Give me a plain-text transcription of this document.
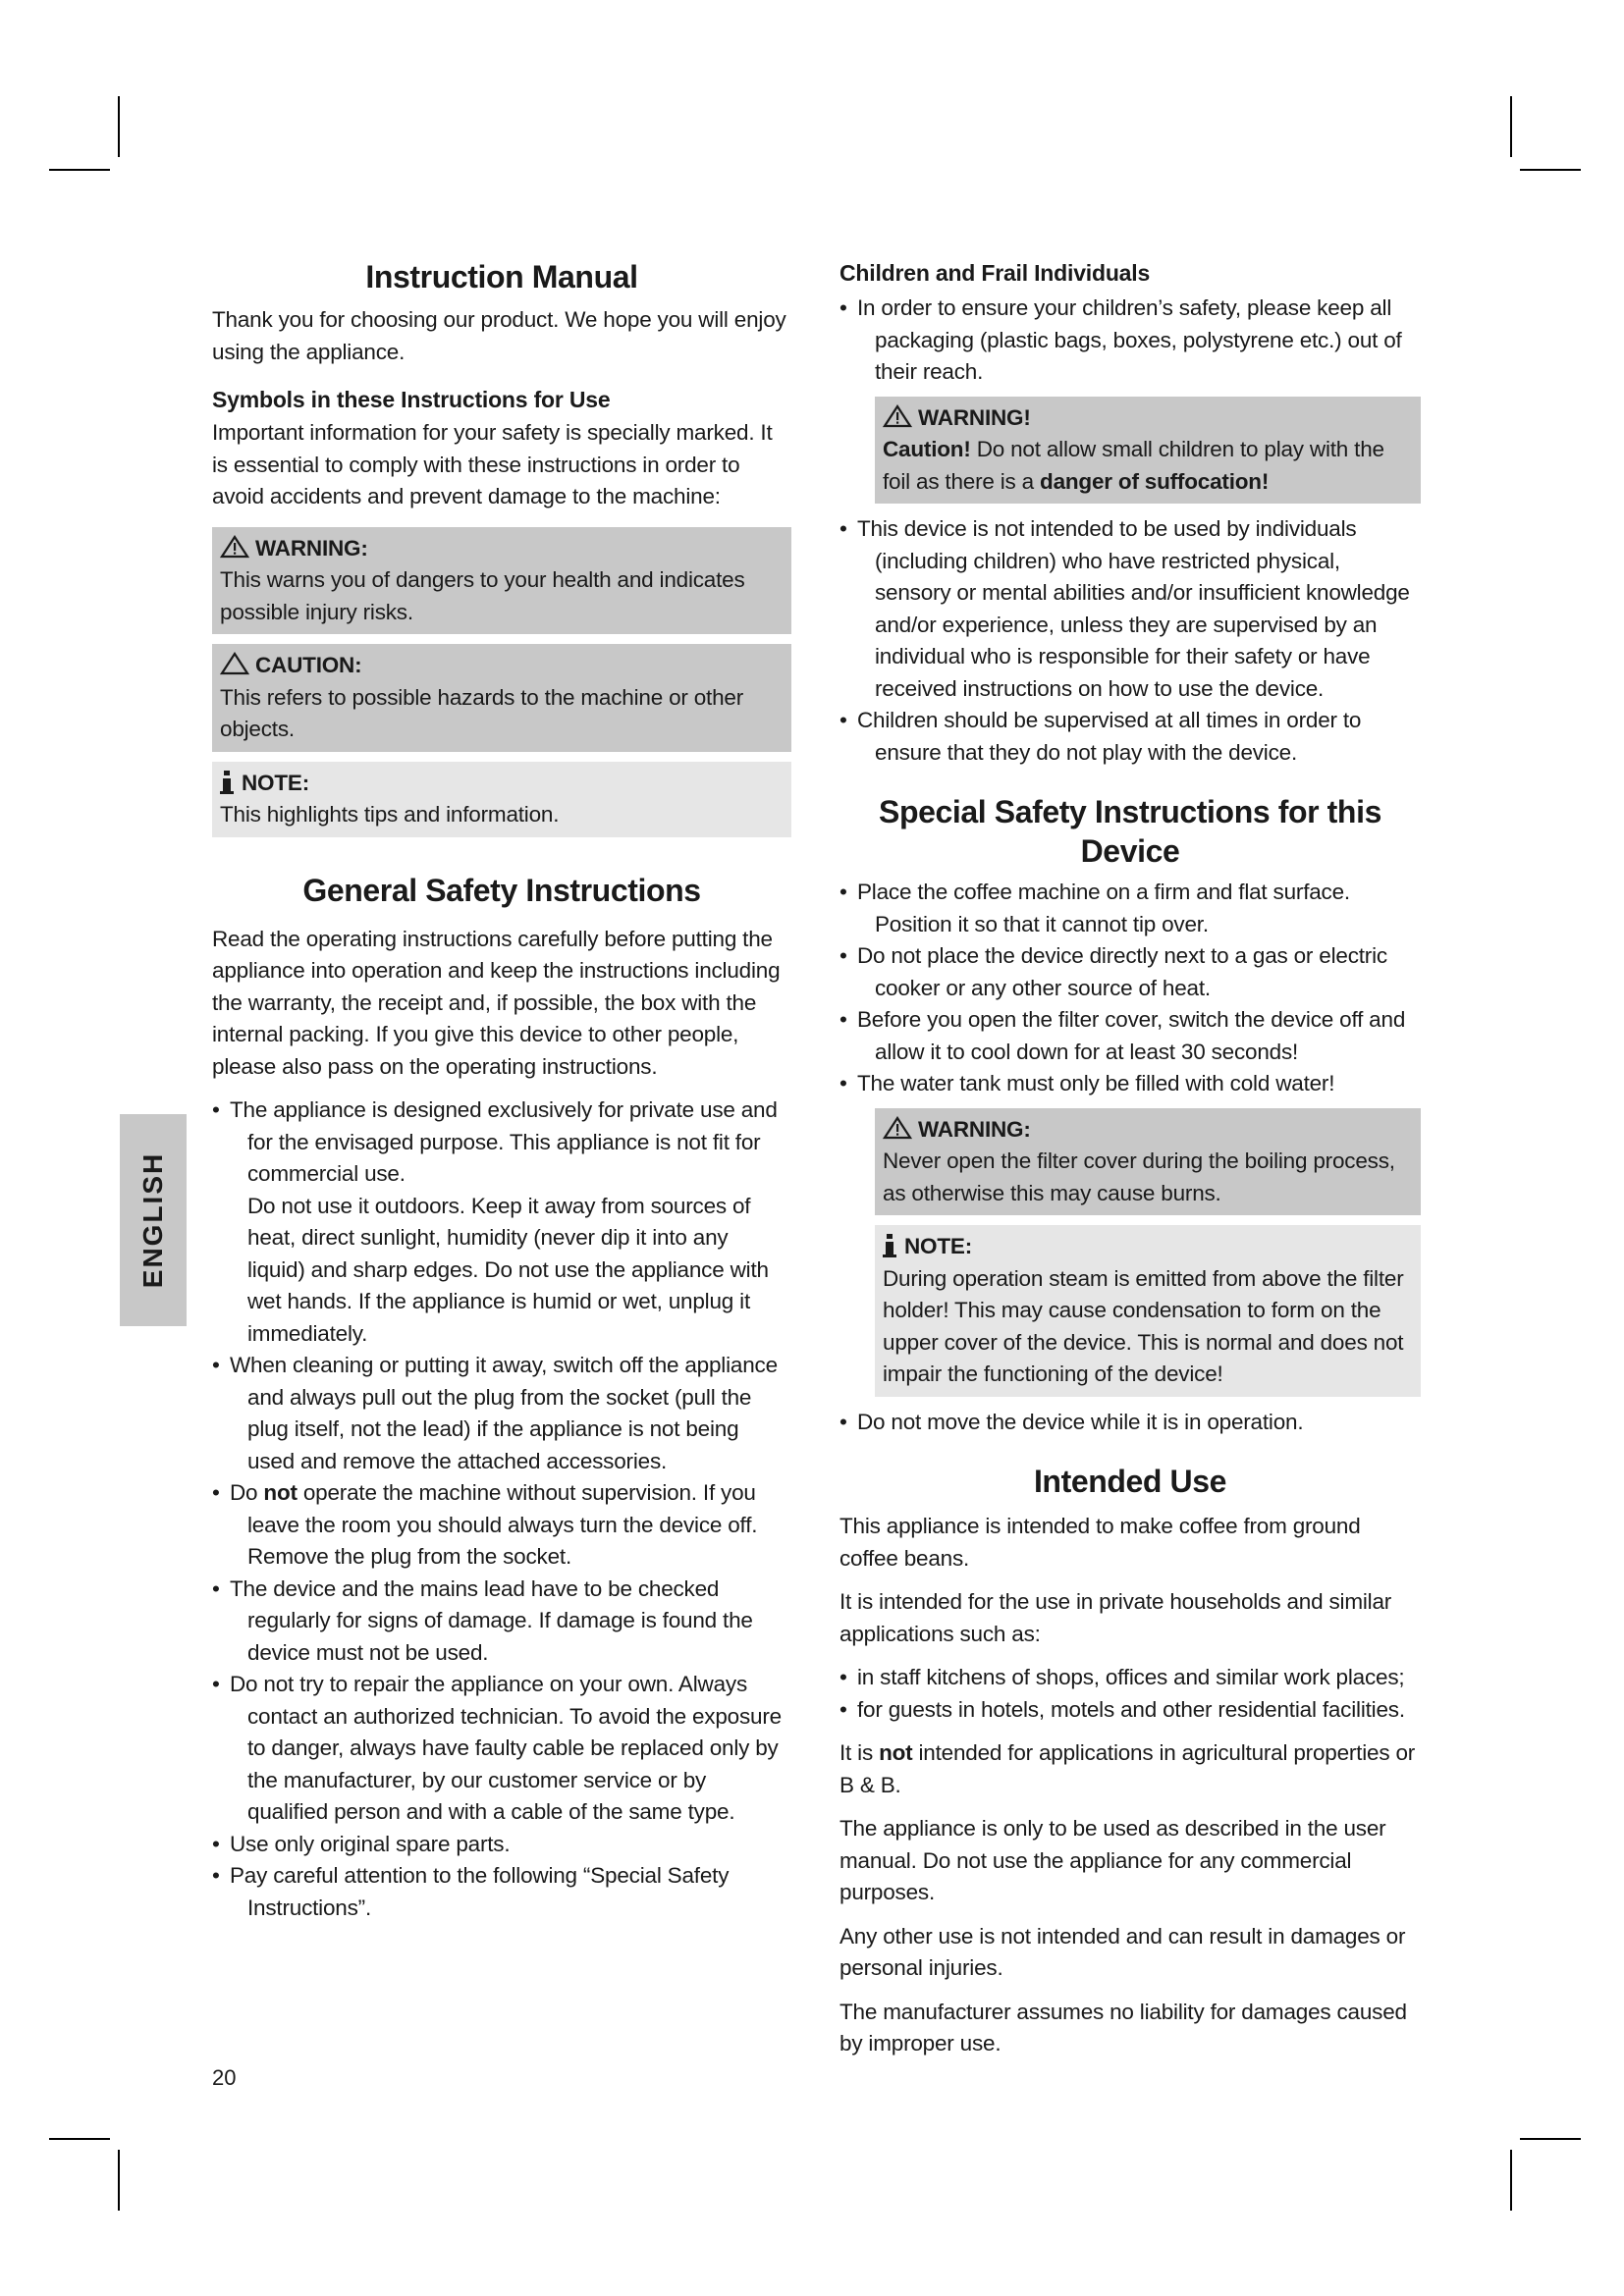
ENGLISH
Instruction Manual

Thank you for choosing our product. We hope you will enjoy using the appliance.

Symbols in these Instructions for Use

Important information for your safety is specially marked. It is essential to comply with these instructions in order to avoid accidents and prevent damage to the machine:

WARNING:

This warns you of dangers to your health and indicates possible injury risks.

CAUTION:

This refers to possible hazards to the machine or other objects.

NOTE:

This highlights tips and information.

General Safety Instructions

Read the operating instructions carefully before putting the appliance into operation and keep the instructions including the warranty, the receipt and, if possible, the box with the internal packing. If you give this device to other people, please also pass on the operating instructions.

• The appliance is designed exclusively for private use and for the envisaged purpose. This appliance is not fit for commercial use.
Do not use it outdoors. Keep it away from sources of heat, direct sunlight, humidity (never dip it into any liquid) and sharp edges. Do not use the appliance with wet hands. If the appliance is humid or wet, unplug it immediately.
• When cleaning or putting it away, switch off the appliance and always pull out the plug from the socket (pull the plug itself, not the lead) if the appliance is not being used and remove the attached accessories.
• Do not operate the machine without supervision. If you leave the room you should always turn the device off. Remove the plug from the socket.
• The device and the mains lead have to be checked regularly for signs of damage. If damage is found the device must not be used.
• Do not try to repair the appliance on your own. Always contact an authorized technician. To avoid the exposure to danger, always have faulty cable be replaced only by the manufacturer, by our customer service or by qualified person and with a cable of the same type.
• Use only original spare parts.
• Pay careful attention to the following “Special Safety Instructions”.
Children and Frail Individuals
• In order to ensure your children’s safety, please keep all packaging (plastic bags, boxes, polystyrene etc.) out of their reach.
WARNING!

Caution! Do not allow small children to play with the foil as there is a danger of suffocation!

• This device is not intended to be used by individuals (including children) who have restricted physical, sensory or mental abilities and/or insufficient knowledge and/or experience, unless they are supervised by an individual who is responsible for their safety or have received instructions on how to use the device.
• Children should be supervised at all times in order to ensure that they do not play with the device.
Special Safety Instructions for this Device
• Place the coffee machine on a firm and flat surface. Position it so that it cannot tip over.
• Do not place the device directly next to a gas or electric cooker or any other source of heat.
• Before you open the filter cover, switch the device off and allow it to cool down for at least 30 seconds!
• The water tank must only be filled with cold water!
WARNING:

Never open the filter cover during the boiling process, as otherwise this may cause burns.

NOTE:

During operation steam is emitted from above the filter holder! This may cause condensation to form on the upper cover of the device. This is normal and does not impair the functioning of the device!

• Do not move the device while it is in operation.
Intended Use

This appliance is intended to make coffee from ground coffee beans.

It is intended for the use in private households and similar applications such as:

• in staff kitchens of shops, offices and similar work places;
• for guests in hotels, motels and other residential facilities.

It is not intended for applications in agricultural properties or B & B.

The appliance is only to be used as described in the user manual. Do not use the appliance for any commercial purposes.

Any other use is not intended and can result in damages or personal injuries.

The manufacturer assumes no liability for damages caused by improper use.

20
